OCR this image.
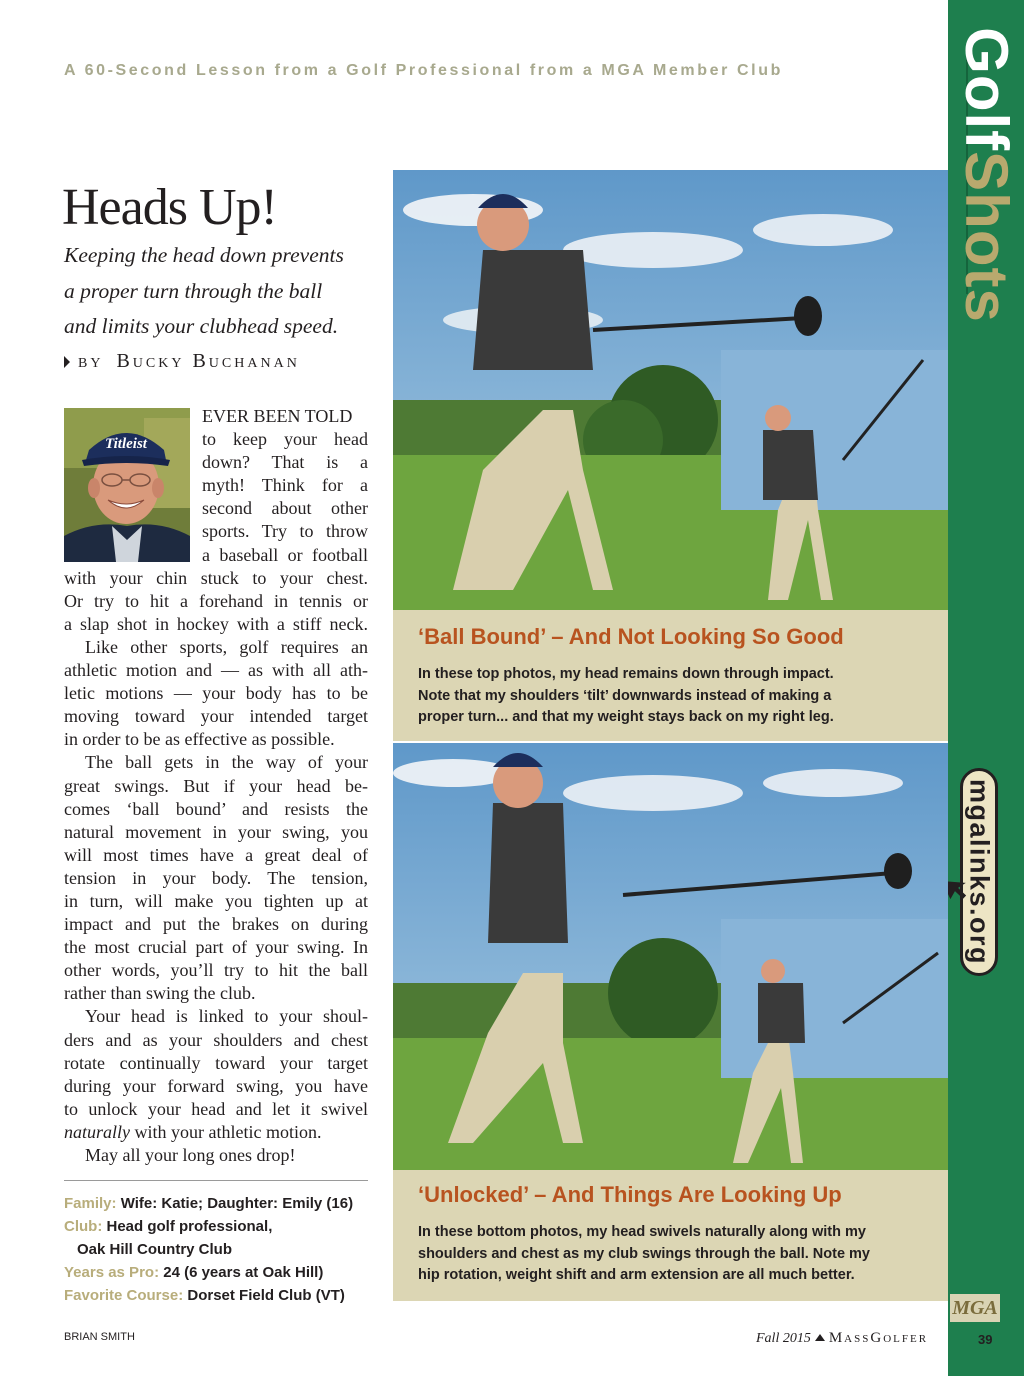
GolfShots
mgalinks.org
MGA
39
A 60-Second Lesson from a Golf Professional from a MGA Member Club
Heads Up!
Keeping the head down prevents
a proper turn through the ball
and limits your clubhead speed.
BY Bucky Buchanan
Titleist
EVER BEEN TOLD
to keep your head
down? That is a
myth! Think for a
second about other
sports. Try to throw
a baseball or football
with your chin stuck to your chest.
Or try to hit a forehand in tennis or
a slap shot in hockey with a stiff neck.
Like other sports, golf requires an
athletic motion and — as with all ath-
letic motions — your body has to be
moving toward your intended target
in order to be as effective as possible.
The ball gets in the way of your
great swings. But if your head be-
comes ‘ball bound’ and resists the
natural movement in your swing, you
will most times have a great deal of
tension in your body. The tension,
in turn, will make you tighten up at
impact and put the brakes on during
the most crucial part of your swing. In
other words, you’ll try to hit the ball
rather than swing the club.
Your head is linked to your shoul-
ders and as your shoulders and chest
rotate continually toward your target
during your forward swing, you have
to unlock your head and let it swivel
naturally with your athletic motion.
May all your long ones drop!
Family: Wife: Katie; Daughter: Emily (16)
Club: Head golf professional,
Oak Hill Country Club
Years as Pro: 24 (6 years at Oak Hill)
Favorite Course: Dorset Field Club (VT)
BRIAN SMITH	Fall 2015 MassGolfer
‘Ball Bound’ – And Not Looking So Good
In these top photos, my head remains down through impact.
Note that my shoulders ‘tilt’ downwards instead of making a
proper turn... and that my weight stays back on my right leg.
‘Unlocked’ – And Things Are Looking Up
In these bottom photos, my head swivels naturally along with my
shoulders and chest as my club swings through the ball. Note my
hip rotation, weight shift and arm extension are all much better.
